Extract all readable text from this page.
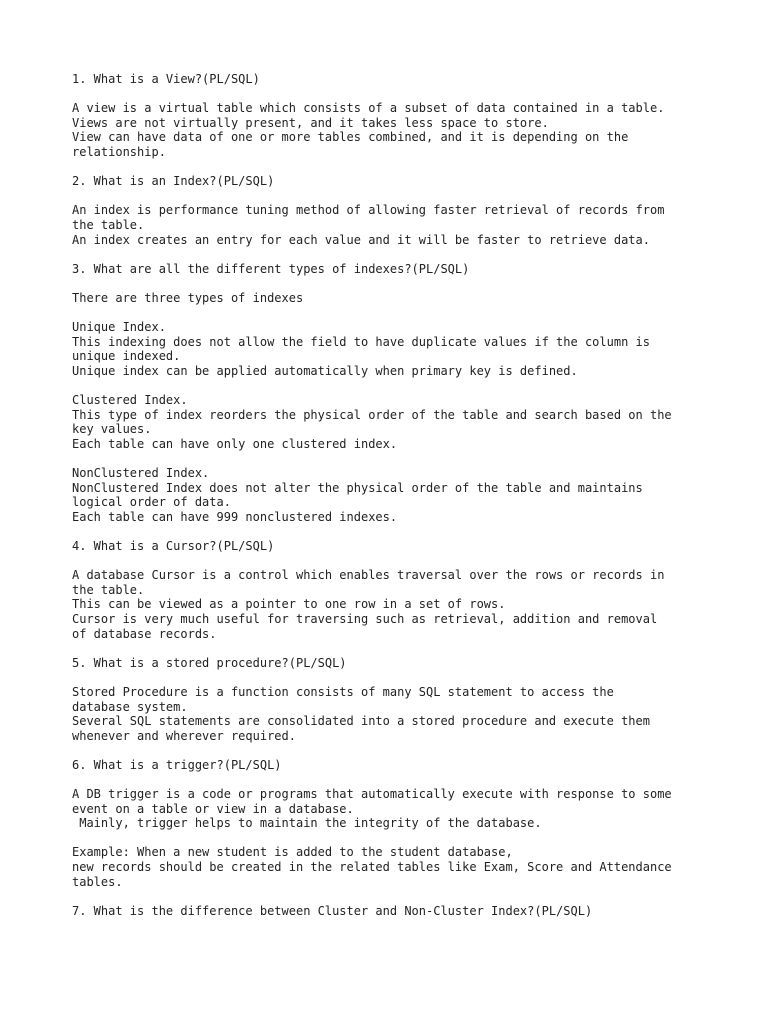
1. What is a View?(PL/SQL)
A view is a virtual table which consists of a subset of data contained in a table.
Views are not virtually present, and it takes less space to store.
View can have data of one or more tables combined, and it is depending on the
relationship.
2. What is an Index?(PL/SQL)
An index is performance tuning method of allowing faster retrieval of records from
the table.
An index creates an entry for each value and it will be faster to retrieve data.
3. What are all the different types of indexes?(PL/SQL)
There are three types of indexes
Unique Index.
This indexing does not allow the field to have duplicate values if the column is
unique indexed.
Unique index can be applied automatically when primary key is defined.
Clustered Index.
This type of index reorders the physical order of the table and search based on the
key values.
Each table can have only one clustered index.
NonClustered Index.
NonClustered Index does not alter the physical order of the table and maintains
logical order of data.
Each table can have 999 nonclustered indexes.
4. What is a Cursor?(PL/SQL)
A database Cursor is a control which enables traversal over the rows or records in
the table.
This can be viewed as a pointer to one row in a set of rows.
Cursor is very much useful for traversing such as retrieval, addition and removal
of database records.
5. What is a stored procedure?(PL/SQL)
Stored Procedure is a function consists of many SQL statement to access the
database system.
Several SQL statements are consolidated into a stored procedure and execute them
whenever and wherever required.
6. What is a trigger?(PL/SQL)
A DB trigger is a code or programs that automatically execute with response to some
event on a table or view in a database.
Mainly, trigger helps to maintain the integrity of the database.
Example: When a new student is added to the student database,
new records should be created in the related tables like Exam, Score and Attendance
tables.
7. What is the difference between Cluster and Non-Cluster Index?(PL/SQL)
